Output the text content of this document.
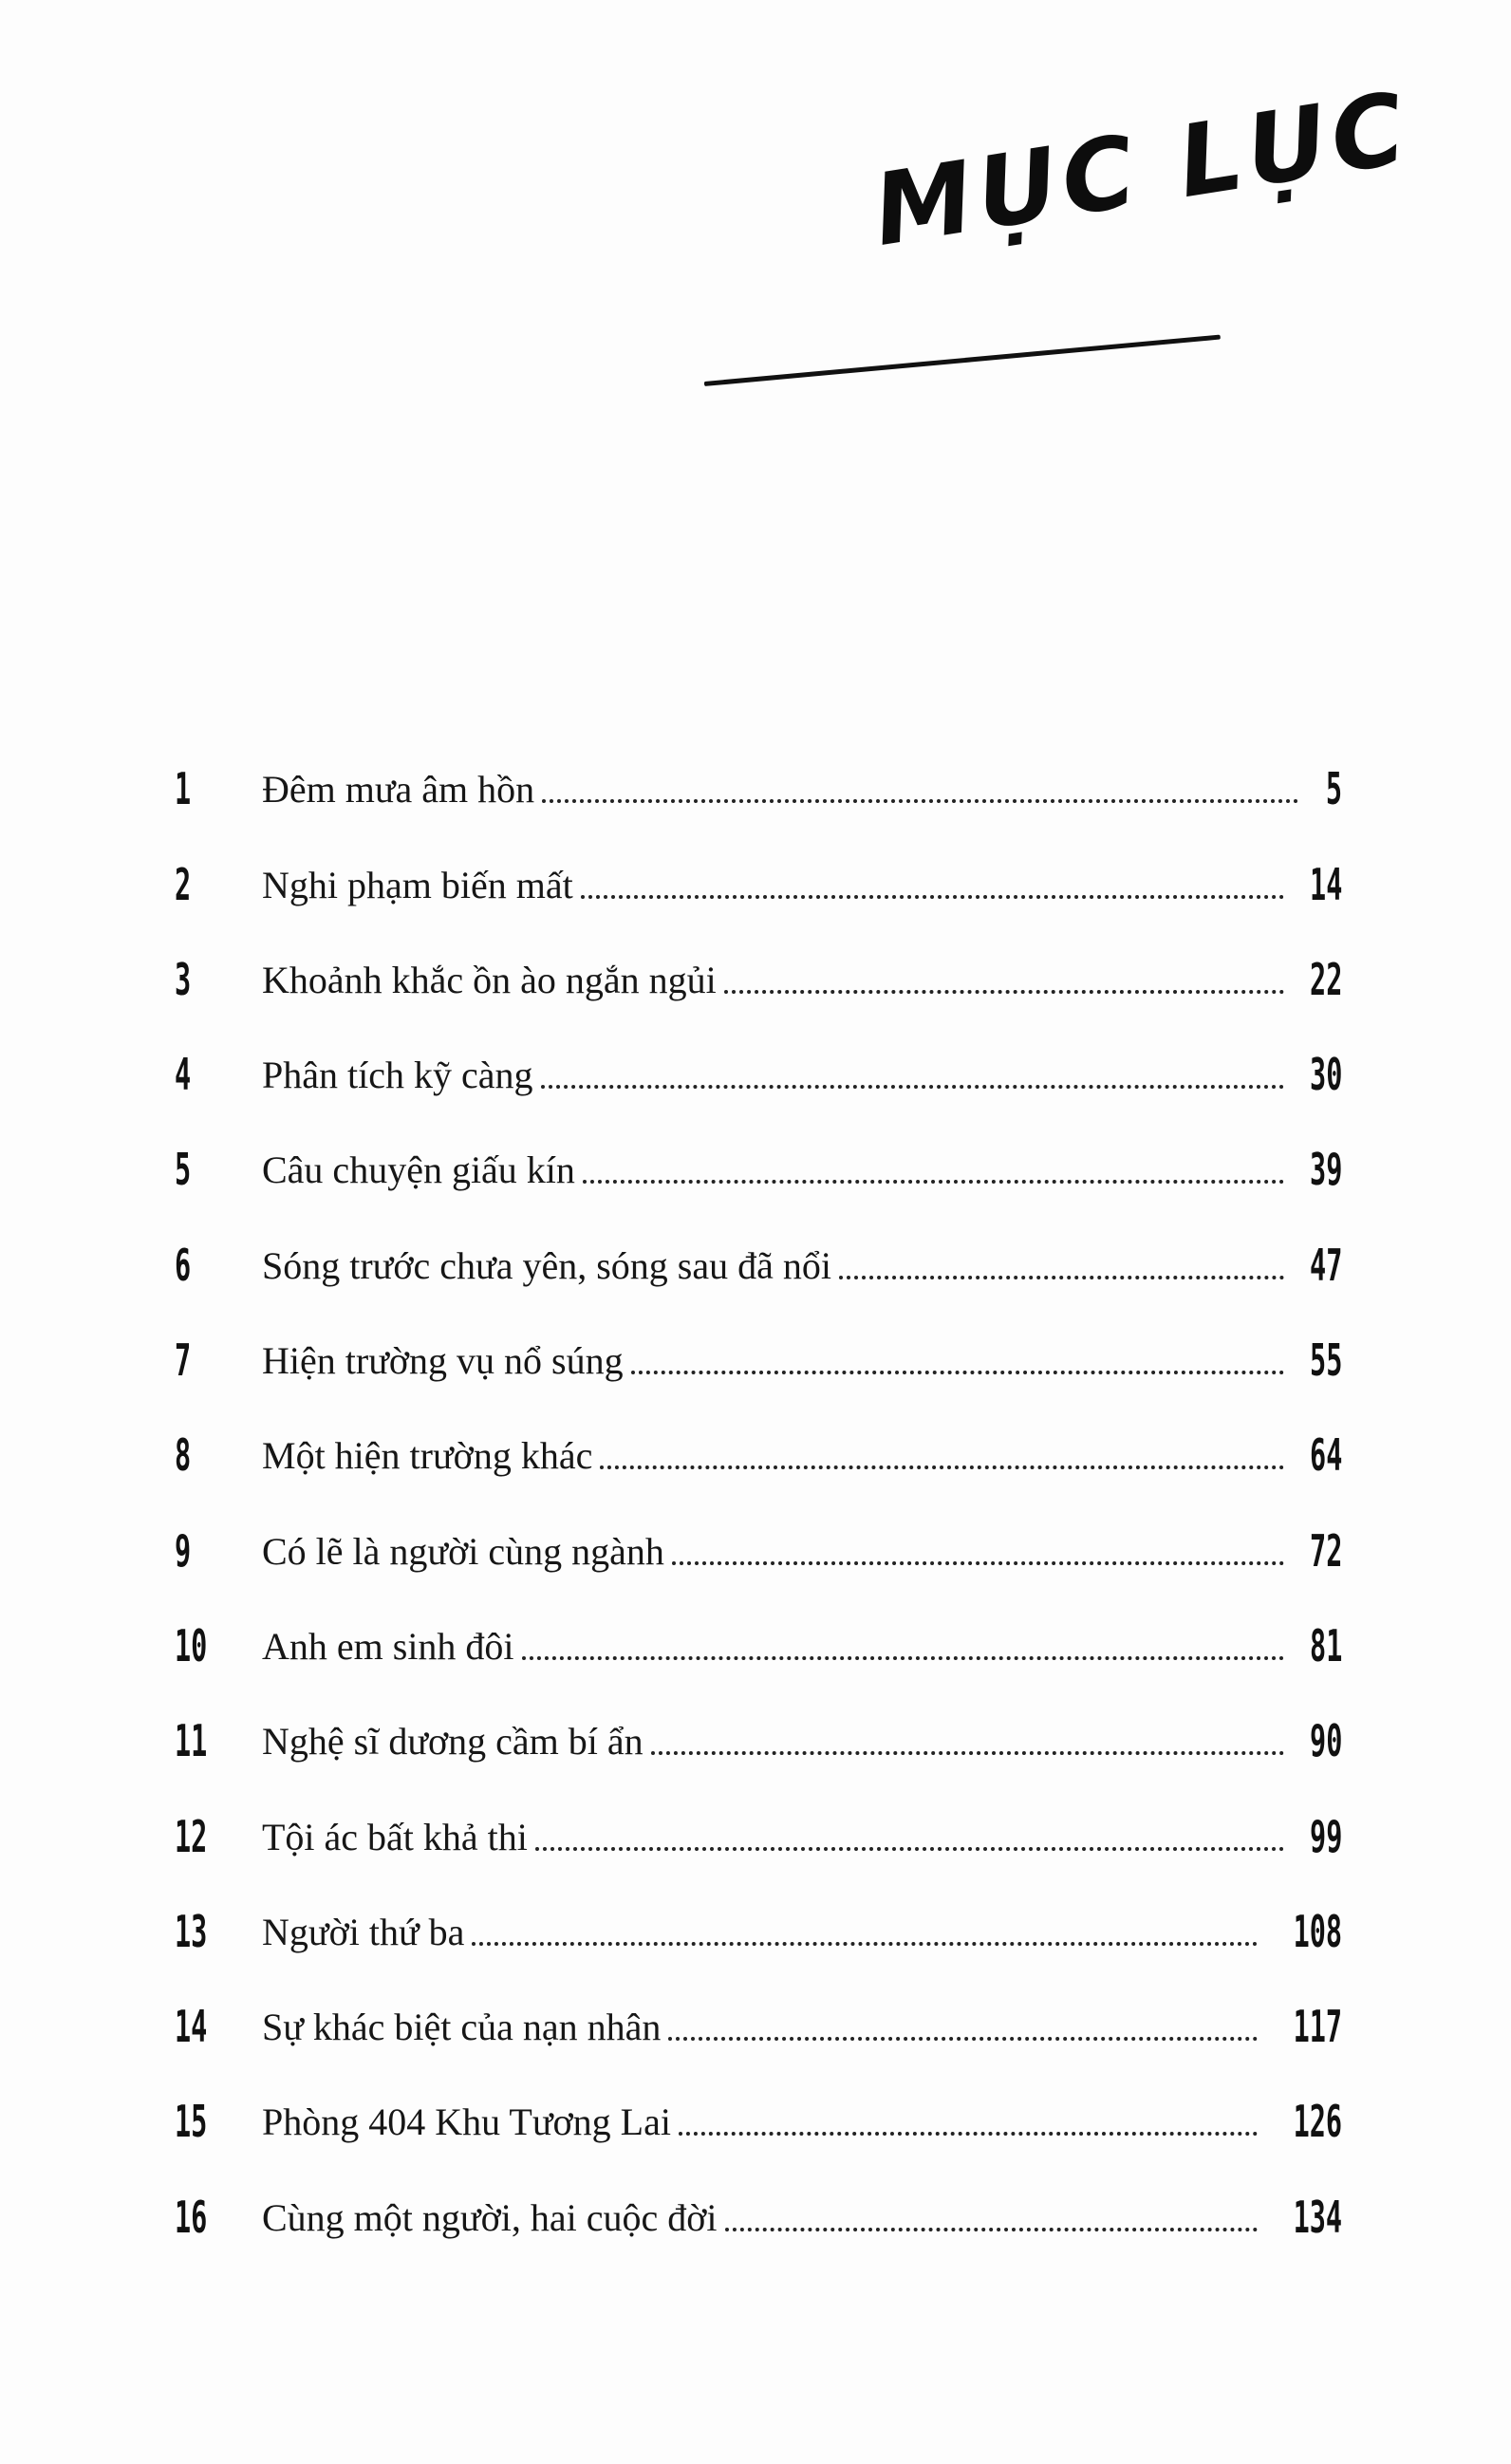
MỤC LỤC
1	Đêm mưa âm hồn	5
2	Nghi phạm biến mất	14
3	Khoảnh khắc ồn ào ngắn ngủi	22
4	Phân tích kỹ càng	30
5	Câu chuyện giấu kín	39
6	Sóng trước chưa yên, sóng sau đã nổi	47
7	Hiện trường vụ nổ súng	55
8	Một hiện trường khác	64
9	Có lẽ là người cùng ngành	72
10	Anh em sinh đôi	81
11	Nghệ sĩ dương cầm bí ẩn	90
12	Tội ác bất khả thi	99
13	Người thứ ba	108
14	Sự khác biệt của nạn nhân	117
15	Phòng 404 Khu Tương Lai	126
16	Cùng một người, hai cuộc đời	134
